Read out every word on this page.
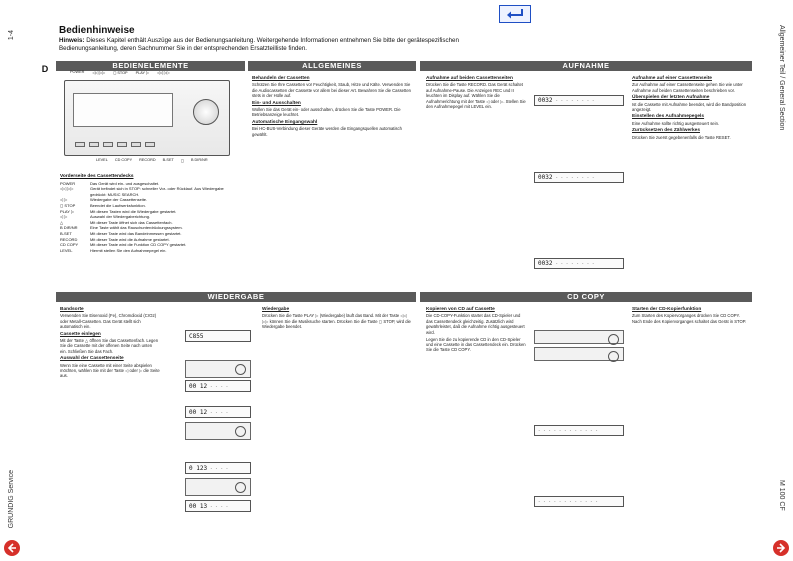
1-4
GRUNDIG Service
Allgemeiner Teil / General Section
M 100 CF
Bedienhinweise
Hinweis: Dieses Kapitel enthält Auszüge aus der Bedienungsanleitung. Weitergehende Informationen entnehmen Sie bitte der gerätespezifischen Bedienungsanleitung, deren Sachnummer Sie in der entsprechenden Ersatzteilliste finden.
D	BEDIENELEMENTE	ALLGEMEINES	AUFNAHME
POWER ◁◁ ▷▷ ◻ STOP PLAY ▷ ◁◁ ▷▷
LEVEL CD COPY RECORD B-SET ◻ B DIR/NR
Vorderseite des Cassettendecks
POWER	Das Gerät wird ein- und ausgeschaltet.
◁◁ ▷▷	Gerät befindet sich in STOP: schneller Vor- oder Rücklauf. Aus Wiedergabe gedrückt: MUSIC SEARCH.
◁ ▷	Wiedergabe der Cassettenseite.
◻ STOP	Beendet die Laufwerksfunktion.
PLAY ▷	Mit diesen Tasten wird die Wiedergabe gestartet.
◁ ▷	Auswahl der Wiedergaberichtung.
△	Mit dieser Taste öffnet sich das Cassettenfach.
B DIR/NR	Eine Taste wählt das Rauschunterdrückungssystem.
B-SET	Mit dieser Taste wird das Bandeinmessen gestartet.
RECORD	Mit dieser Taste wird die Aufnahme gestartet.
CD COPY	Mit dieser Taste wird die Funktion CD COPY gestartet.
LEVEL	Hiermit stellen Sie den Aufnahmepegel ein.
Behandeln der Cassetten

Schützen Sie Ihre Cassetten vor Feuchtigkeit, Staub, Hitze und Kälte. Verwenden Sie die Audiocassetten der Cassette vor allem bei dieser Art. Bewahren Sie die Cassetten stets in der Hülle auf.

Ein- und Ausschalten

Wollen Sie das Gerät ein- oder ausschalten, drücken Sie die Taste POWER. Die Betriebsanzeige leuchtet.

Automatische Eingangswahl

Bei HC-BUS-Verbindung dieser Geräte werden die Eingangsquellen automatisch gewählt.

Aufnahme auf beiden Cassettenseiten

Drücken Sie die Taste RECORD. Das Gerät schaltet auf Aufnahme-Pause. Die Anzeigen REC und II leuchten im Display auf. Wählen Sie die Aufnahmerichtung mit der Taste ◁ oder ▷. Stellen Sie den Aufnahmepegel mit LEVEL ein.

0032 - - - - - - - -
0032 - - - - - - - -
0032 - - - - - - - -
Aufnahme auf einer Cassettenseite

Zur Aufnahme auf einer Cassettenseite gehen Sie wie unter Aufnahme auf beiden Cassettenseiten beschrieben vor.

Überspielen der letzten Aufnahme

Ist die Cassette mit Aufnahme beendet, wird die Bandposition angezeigt.

Einstellen des Aufnahmepegels

Eine Aufnahme sollte richtig ausgesteuert sein.

Zurücksetzen des Zählwerkes

Drücken Sie zuerst gegebenenfalls die Taste RESET.

WIEDERGABE	CD COPY
Bandsorte

Verwenden Sie Eisenoxid (Fe), Chromdioxid (CrO2) oder Metall-Cassetten. Das Gerät stellt sich automatisch ein.

Cassette einlegen

Mit der Taste △ öffnen Sie das Cassettenfach. Legen Sie die Cassette mit der offenen Seite nach unten ein. Schließen Sie das Fach.

Auswahl der Cassettenseite

Wenn Sie eine Cassette mit einer Seite abspielen möchten, wählen Sie mit der Taste ◁ oder ▷ die Seite aus.

C855
00 12 - - - -
00 12 - - - -
0 123 - - - -
00 13 - - - -
Wiedergabe

Drücken Sie die Taste PLAY ▷ (Wiedergabe) läuft das Band. Mit der Taste ◁◁ ▷▷ können Sie die Musiksuche starten. Drücken Sie die Taste ◻ STOP, wird die Wiedergabe beendet.

Kopieren von CD auf Cassette

Die CD-COPY-Funktion startet das CD-Spieler und das Cassettendeck gleichzeitig. Zusätzlich wird gewährleistet, daß die Aufnahme richtig ausgesteuert wird.

Legen Sie die zu kopierende CD in den CD-Spieler und eine Cassette in das Cassettendeck ein. Drücken Sie die Taste CD COPY.

- - - - - - - - - - - -
- - - - - - - - - - - -
Starten der CD-Kopierfunktion

Zum Starten des Kopiervorganges drücken Sie CD COPY. Nach Ende des Kopiervorganges schaltet das Gerät in STOP.
